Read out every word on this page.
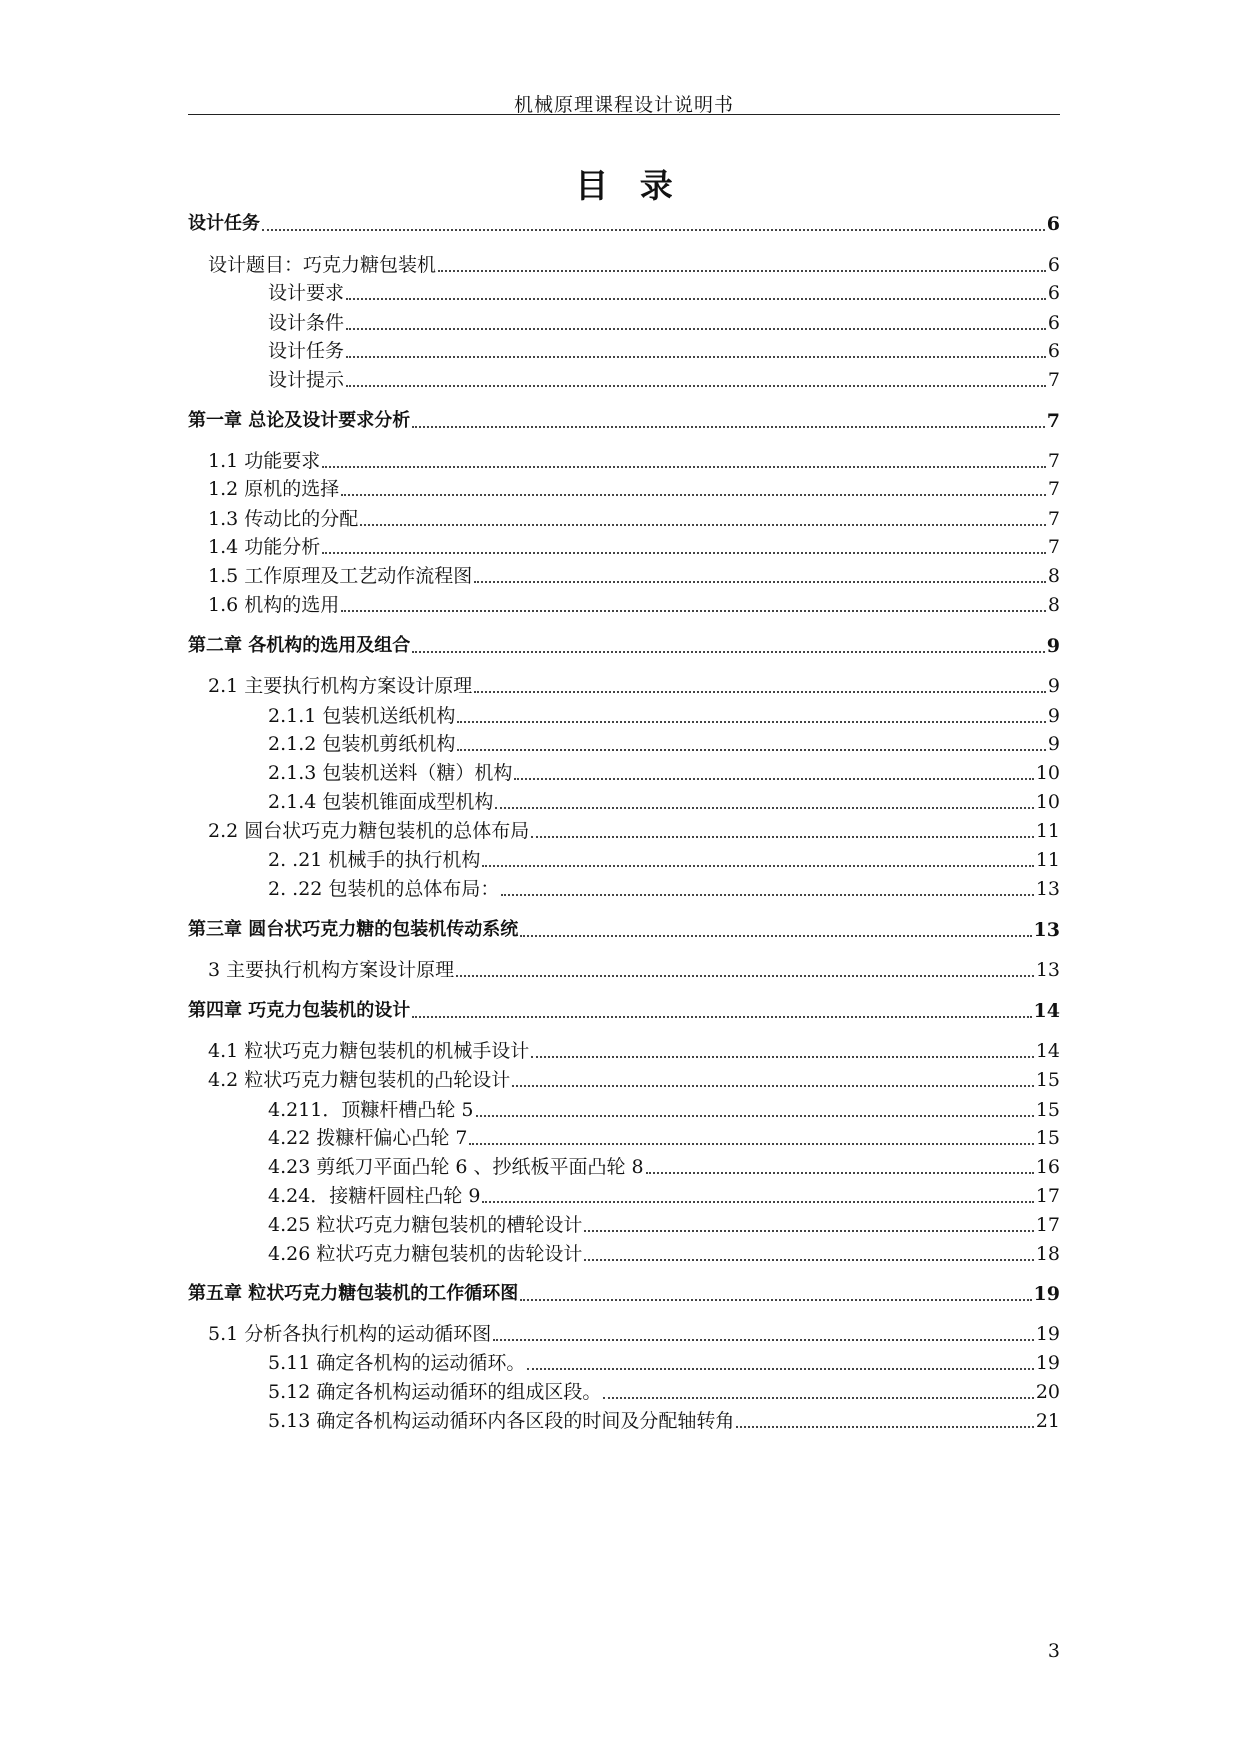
机械原理课程设计说明书
目 录
设计任务	6
设计题目：巧克力糖包装机	6
设计要求	6
设计条件	6
设计任务	6
设计提示	7
第一章 总论及设计要求分析	7
1.1 功能要求	7
1.2 原机的选择	7
1.3 传动比的分配	7
1.4 功能分析	7
1.5 工作原理及工艺动作流程图	8
1.6 机构的选用	8
第二章 各机构的选用及组合	9
2.1 主要执行机构方案设计原理	9
2.1.1 包装机送纸机构	9
2.1.2 包装机剪纸机构	9
2.1.3 包装机送料（糖）机构	10
2.1.4 包装机锥面成型机构	10
2.2 圆台状巧克力糖包装机的总体布局	11
2. .21 机械手的执行机构	11
2. .22 包装机的总体布局：	13
第三章 圆台状巧克力糖的包装机传动系统	13
3 主要执行机构方案设计原理	13
第四章 巧克力包装机的设计	14
4.1 粒状巧克力糖包装机的机械手设计	14
4.2 粒状巧克力糖包装机的凸轮设计	15
4.211．顶糠杆槽凸轮 5	15
4.22 拨糠杆偏心凸轮 7	15
4.23 剪纸刀平面凸轮 6 、抄纸板平面凸轮 8	16
4.24．接糖杆圆柱凸轮 9	17
4.25 粒状巧克力糖包装机的槽轮设计	17
4.26 粒状巧克力糖包装机的齿轮设计	18
第五章 粒状巧克力糖包装机的工作循环图	19
5.1 分析各执行机构的运动循环图	19
5.11 确定各机构的运动循环。	19
5.12 确定各机构运动循环的组成区段。	20
5.13 确定各机构运动循环内各区段的时间及分配轴转角	21
3
